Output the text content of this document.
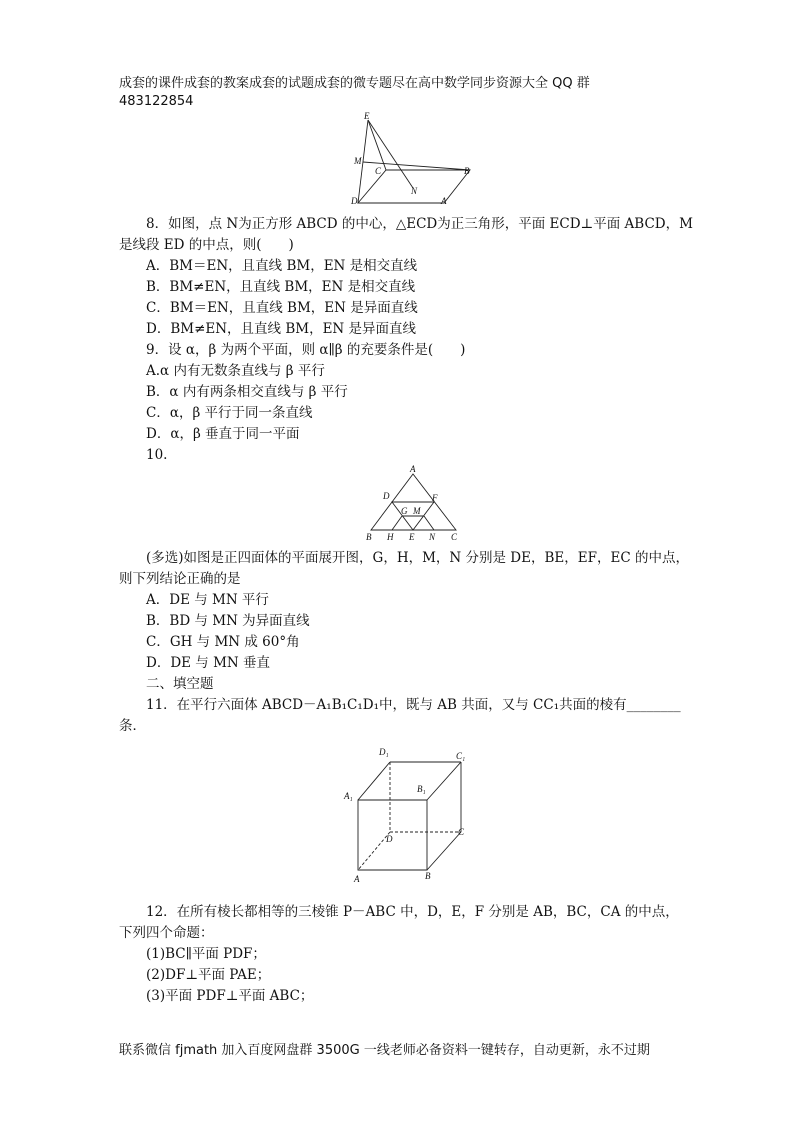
成套的课件成套的教案成套的试题成套的微专题尽在高中数学同步资源大全 QQ 群
483122854
E
M
C	B
N
D	A
8．如图，点 N为正方形 ABCD 的中心，△ECD为正三角形，平面 ECD⊥平面 ABCD，M
是线段 ED 的中点，则(　　)
A．BM＝EN，且直线 BM，EN 是相交直线
B．BM≠EN，且直线 BM，EN 是相交直线
C．BM＝EN，且直线 BM，EN 是异面直线
D．BM≠EN，且直线 BM，EN 是异面直线
9．设 α，β 为两个平面，则 α∥β 的充要条件是(　　)
A.α 内有无数条直线与 β 平行
B．α 内有两条相交直线与 β 平行
C．α，β 平行于同一条直线
D．α，β 垂直于同一平面
10.
A
D	F
G M
B H E N C
(多选)如图是正四面体的平面展开图，G，H，M，N 分别是 DE，BE，EF，EC 的中点，
则下列结论正确的是
A．DE 与 MN 平行
B．BD 与 MN 为异面直线
C．GH 与 MN 成 60°角
D．DE 与 MN 垂直
二、填空题
11．在平行六面体 ABCD－A₁B₁C₁D₁中，既与 AB 共面，又与 CC₁共面的棱有________
条．
D₁	C₁
A₁
B₁
D
C
A	B
12．在所有棱长都相等的三棱锥 P－ABC 中，D，E，F 分别是 AB，BC，CA 的中点，
下列四个命题：
(1)BC∥平面 PDF；
(2)DF⊥平面 PAE；
(3)平面 PDF⊥平面 ABC；
联系微信 fjmath 加入百度网盘群 3500G 一线老师必备资料一键转存，自动更新，永不过期
